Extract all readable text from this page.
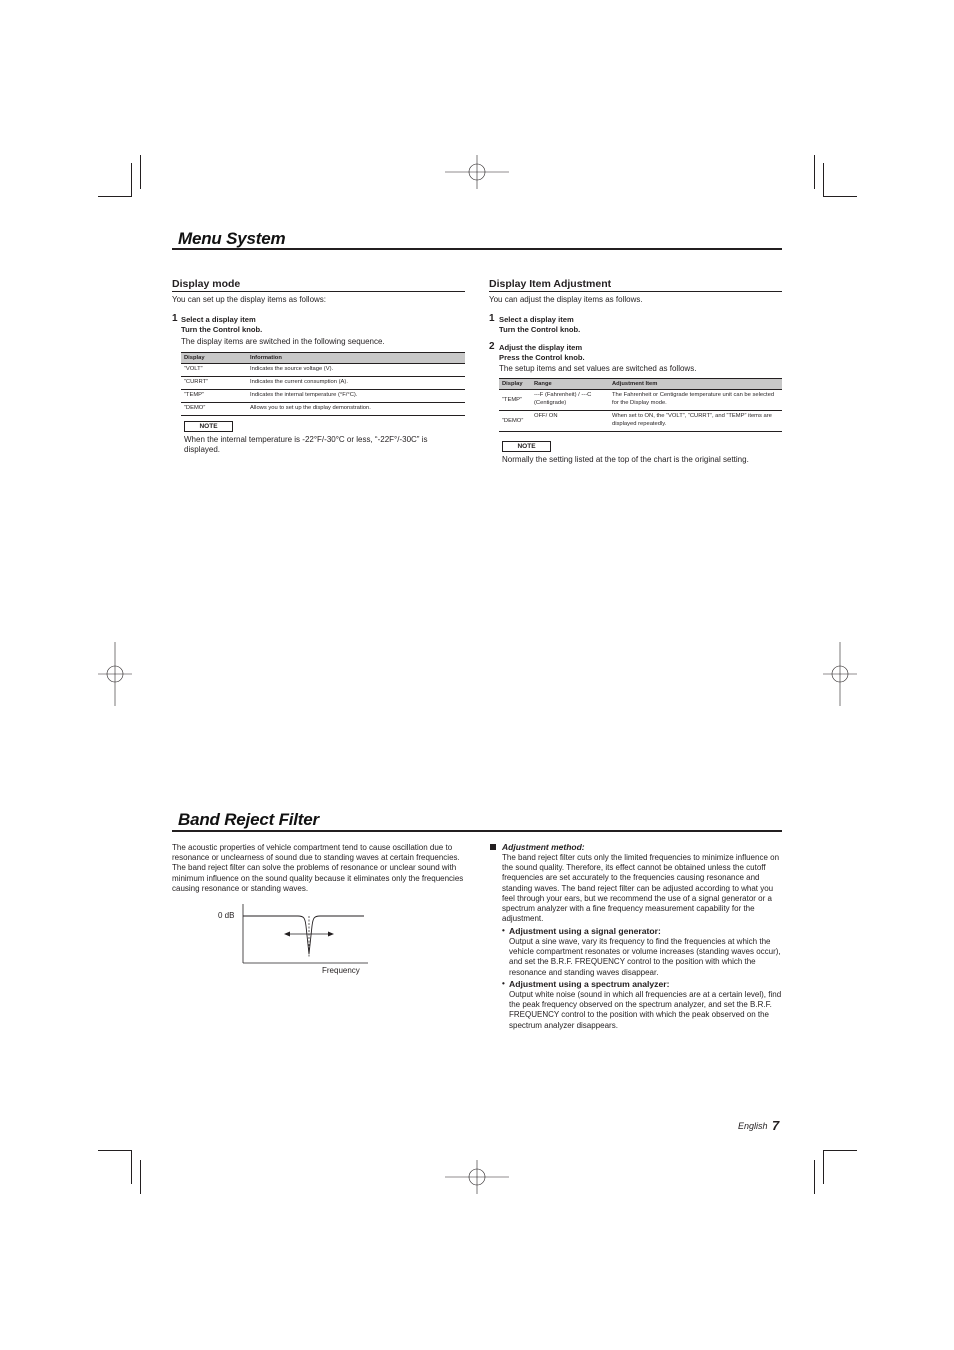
Menu System
Display mode
You can set up the display items as follows:
1 Select a display item
Turn the Control knob.
The display items are switched in the following sequence.
Display	Information
“VOLT”	Indicates the source voltage (V).
“CURRT”	Indicates the current consumption (A).
“TEMP”	Indicates the internal temperature (°F/°C).
“DEMO”	Allows you to set up the display demonstration.
NOTE
When the internal temperature is -22°F/-30°C or less, “-22F°/-30C” is displayed.
Display Item Adjustment
You can adjust the display items as follows.
1 Select a display item
Turn the Control knob.
2 Adjust the display item
Press the Control knob.
The setup items and set values are switched as follows.
Display	Range	Adjustment Item
“TEMP”	---F (Fahrenheit) / ---C (Centigrade)	The Fahrenheit or Centigrade temperature unit can be selected for the Display mode.
“DEMO”	OFF/ ON	When set to ON, the “VOLT”, “CURRT”, and “TEMP” items are displayed repeatedly.
NOTE
Normally the setting listed at the top of the chart is the original setting.
Band Reject Filter
The acoustic properties of vehicle compartment tend to cause oscillation due to resonance or unclearness of sound due to standing waves at certain frequencies. The band reject filter can solve the problems of resonance or unclear sound with minimum influence on the sound quality because it eliminates only the frequencies causing resonance or standing waves.
0 dB
Frequency
Adjustment method:
The band reject filter cuts only the limited frequencies to minimize influence on the sound quality. Therefore, its effect cannot be obtained unless the cutoff frequencies are set accurately to the frequencies causing resonance and standing waves. The band reject filter can be adjusted according to what you feel through your ears, but we recommend the use of a signal generator or a spectrum analyzer with a fine frequency measurement capability for the adjustment.
• Adjustment using a signal generator:
Output a sine wave, vary its frequency to find the frequencies at which the vehicle compartment resonates or volume increases (standing waves occur), and set the B.R.F. FREQUENCY control to the position with which the resonance and standing waves disappear.
• Adjustment using a spectrum analyzer:
Output white noise (sound in which all frequencies are at a certain level), find the peak frequency observed on the spectrum analyzer, and set the B.R.F. FREQUENCY control to the position with which the peak observed on the spectrum analyzer disappears.
English 7
